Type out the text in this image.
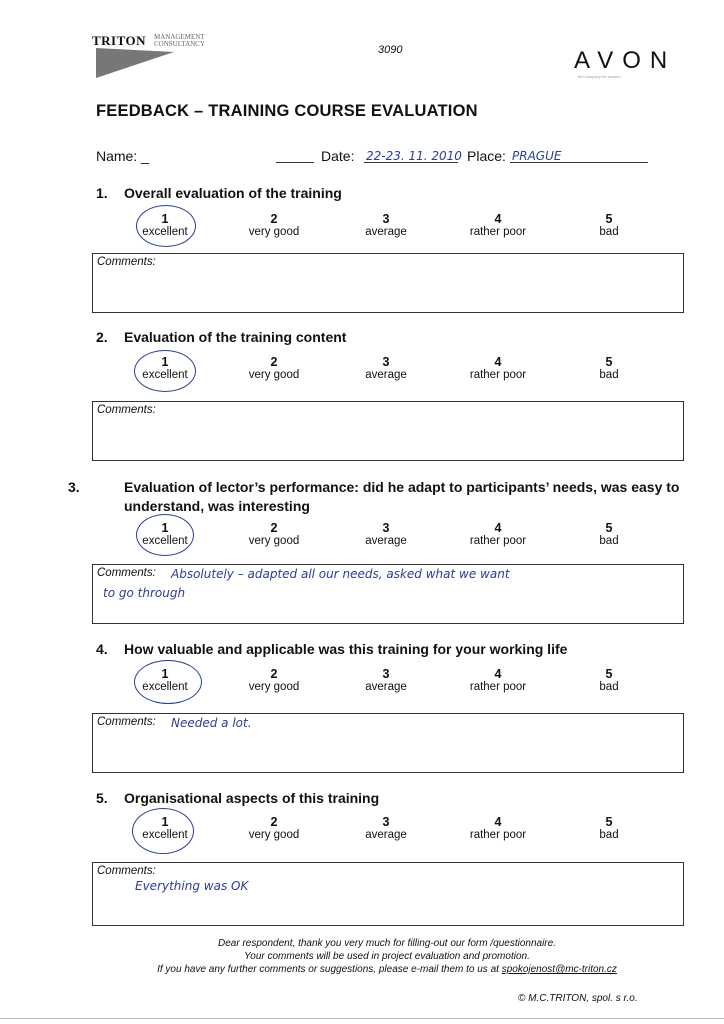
TRITON MANAGEMENT
CONSULTANCY	3090	AVON
the company for women
FEEDBACK – TRAINING COURSE EVALUATION
Name: _	Date: 22-23. 11. 2010 Place: PRAGUE
1. Overall evaluation of the training
1
excellent
2
very good
3
average
4
rather poor
5
bad
Comments:
2. Evaluation of the training content
1
excellent
2
very good
3
average
4
rather poor
5
bad
Comments:
3.	Evaluation of lector’s performance: did he adapt to participants’ needs, was easy to understand, was interesting
1
excellent
2
very good
3
average
4
rather poor
5
bad
Comments: Absolutely – adapted all our needs, asked what we want
to go through
4. How valuable and applicable was this training for your working life
1
excellent
2
very good
3
average
4
rather poor
5
bad
Comments: Needed a lot.
5. Organisational aspects of this training
1
excellent
2
very good
3
average
4
rather poor
5
bad
Comments:
Everything was OK
Dear respondent, thank you very much for filling-out our form /questionnaire.
Your comments will be used in project evaluation and promotion.
If you have any further comments or suggestions, please e-mail them to us at spokojenost@mc-triton.cz
© M.C.TRITON, spol. s r.o.
